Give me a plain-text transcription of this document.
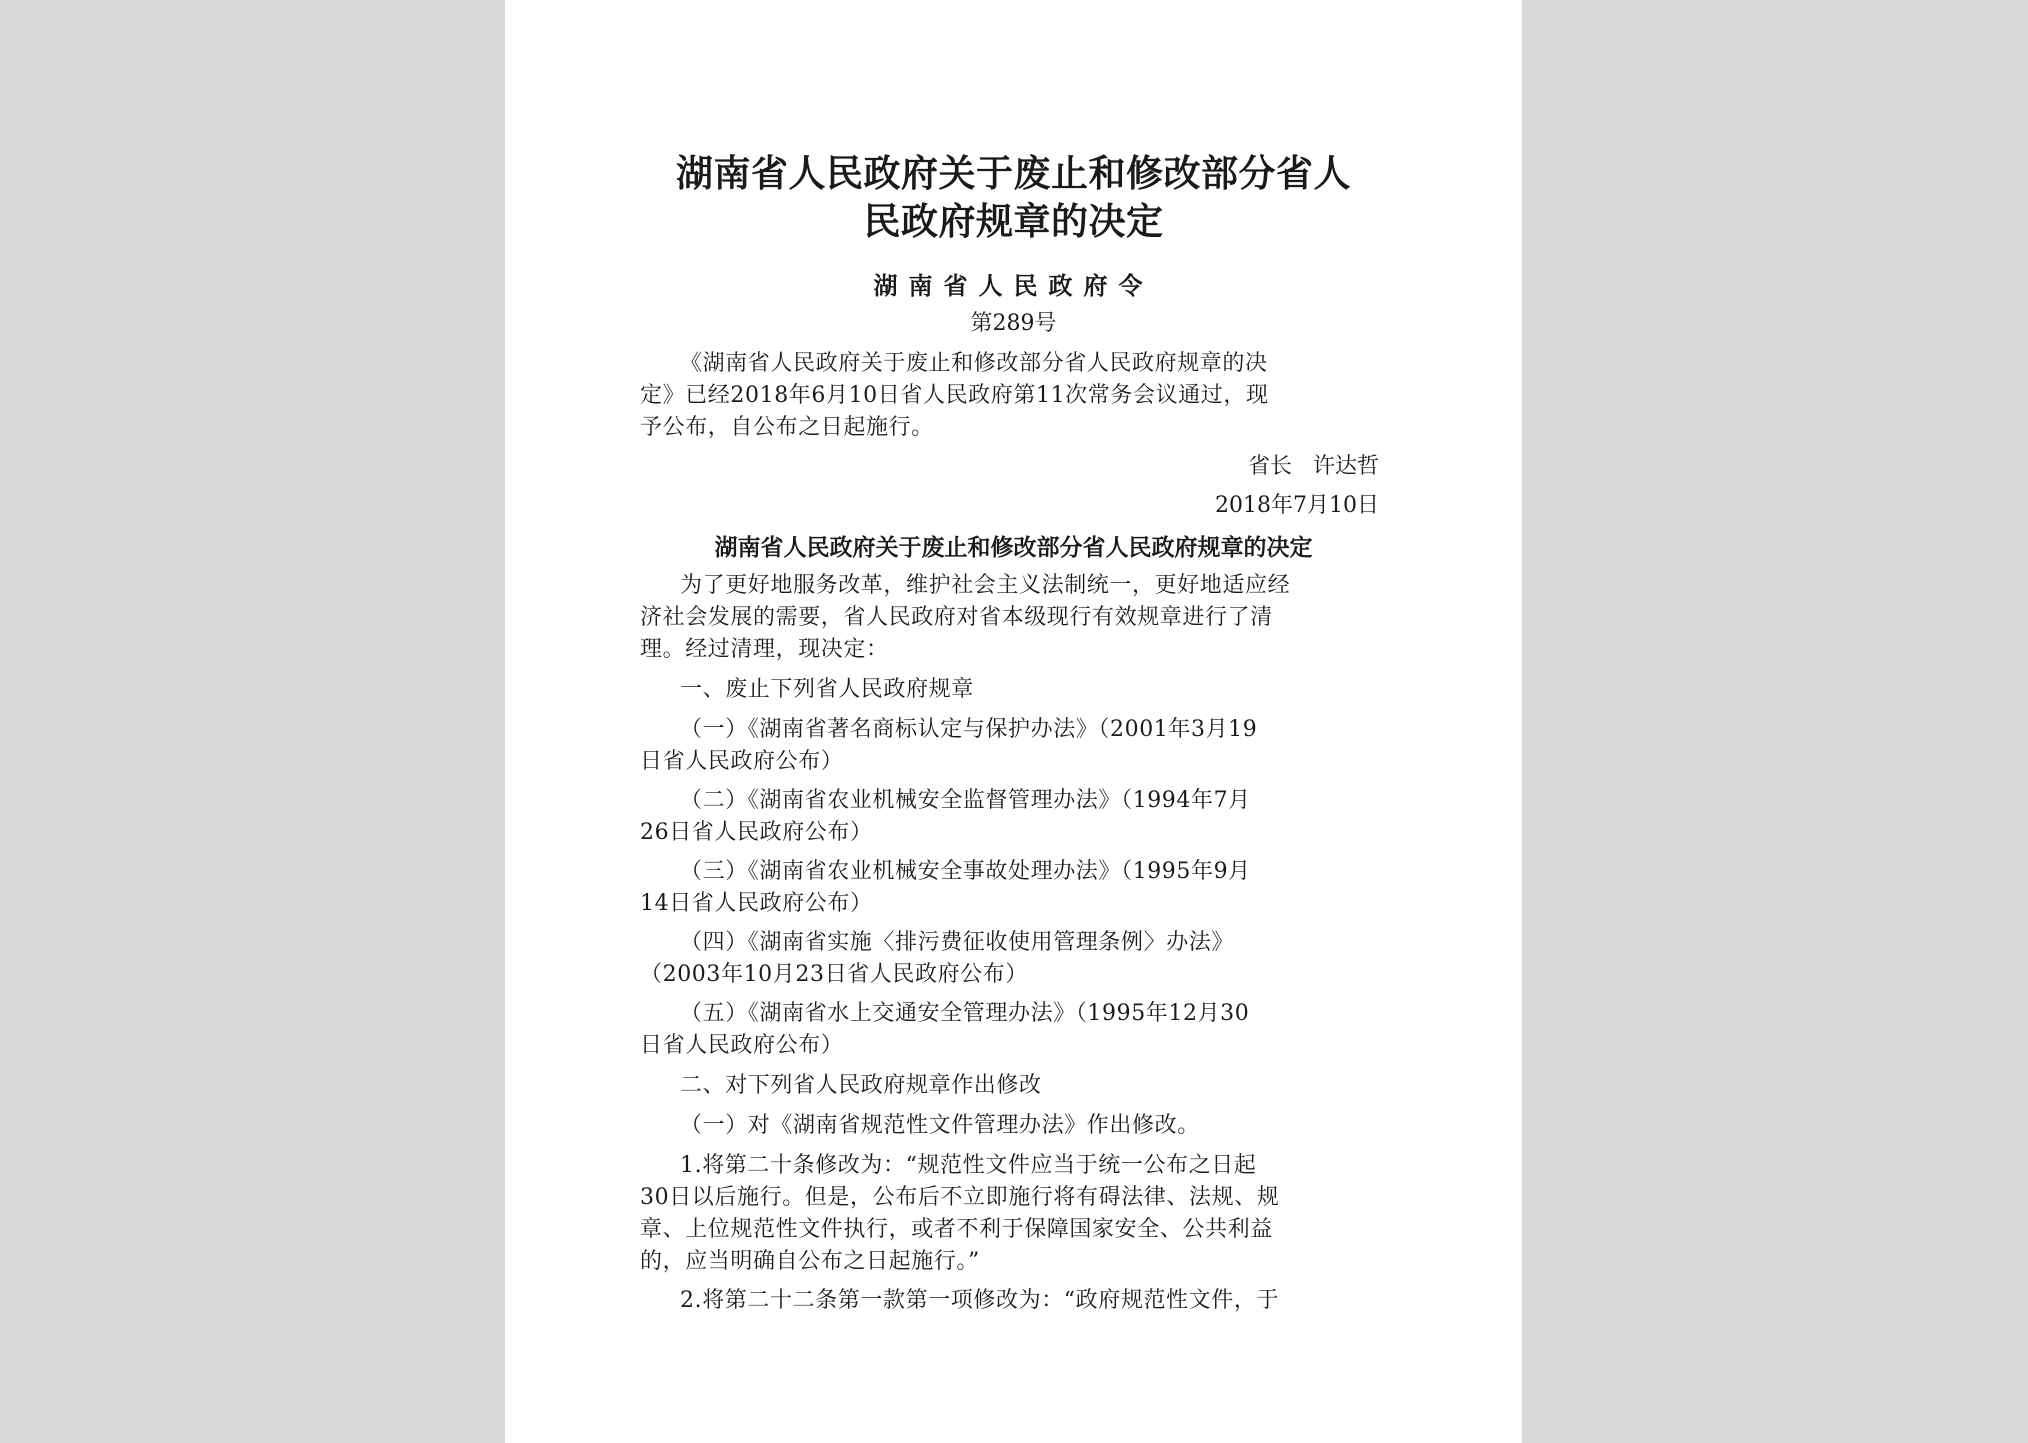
湖南省人民政府关于废止和修改部分省人
民政府规章的决定
湖南省人民政府令
第289号
《湖南省人民政府关于废止和修改部分省人民政府规章的决
定》已经2018年6月10日省人民政府第11次常务会议通过，现
予公布，自公布之日起施行。
省长   许达哲
2018年7月10日
湖南省人民政府关于废止和修改部分省人民政府规章的决定
为了更好地服务改革，维护社会主义法制统一，更好地适应经
济社会发展的需要，省人民政府对省本级现行有效规章进行了清
理。经过清理，现决定：
一、废止下列省人民政府规章
（一）《湖南省著名商标认定与保护办法》（2001年3月19
日省人民政府公布）
（二）《湖南省农业机械安全监督管理办法》（1994年7月
26日省人民政府公布）
（三）《湖南省农业机械安全事故处理办法》（1995年9月
14日省人民政府公布）
（四）《湖南省实施〈排污费征收使用管理条例〉办法》
（2003年10月23日省人民政府公布）
（五）《湖南省水上交通安全管理办法》（1995年12月30
日省人民政府公布）
二、对下列省人民政府规章作出修改
（一）对《湖南省规范性文件管理办法》作出修改。
1.将第二十条修改为：“规范性文件应当于统一公布之日起
30日以后施行。但是，公布后不立即施行将有碍法律、法规、规
章、上位规范性文件执行，或者不利于保障国家安全、公共利益
的，应当明确自公布之日起施行。”
2.将第二十二条第一款第一项修改为：“政府规范性文件，于
